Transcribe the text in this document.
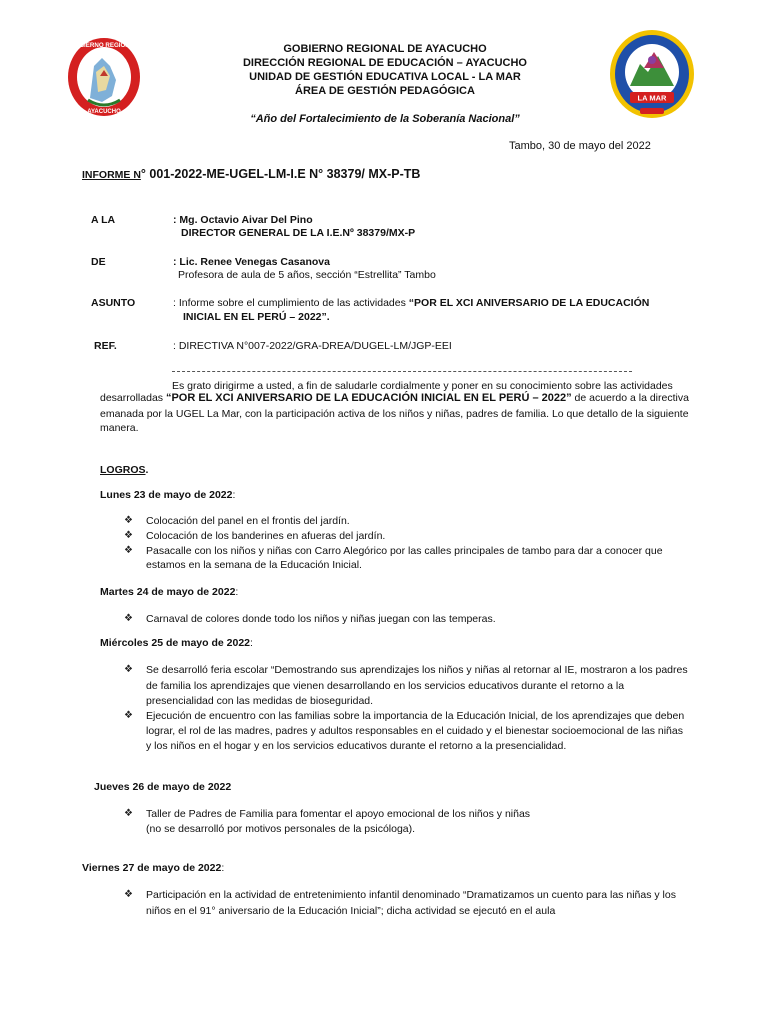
GOBIERNO REGIONAL
AYACUCHO
LA MAR
GOBIERNO REGIONAL DE AYACUCHO
DIRECCIÓN REGIONAL DE EDUCACIÓN – AYACUCHO
UNIDAD DE GESTIÓN EDUCATIVA LOCAL - LA MAR
ÁREA DE GESTIÓN PEDAGÓGICA
“Año del Fortalecimiento de la Soberanía Nacional”
Tambo, 30 de mayo del 2022
INFORME N° 001-2022-ME-UGEL-LM-I.E N° 38379/ MX-P-TB
A LA	: Mg. Octavio Aivar Del Pino
DIRECTOR GENERAL DE LA I.E.Nº 38379/MX-P
DE	: Lic. Renee Venegas Casanova
Profesora de aula de 5 años, sección “Estrellita” Tambo
ASUNTO	: Informe sobre el cumplimiento de las actividades “POR EL XCI ANIVERSARIO DE LA EDUCACIÓN
INICIAL EN EL PERÚ – 2022”.
REF.	: DIRECTIVA N°007-2022/GRA-DREA/DUGEL-LM/JGP-EEI
Es grato dirigirme a usted, a fin de saludarle cordialmente y poner en su conocimiento sobre las actividades
desarrolladas “POR EL XCI ANIVERSARIO DE LA EDUCACIÓN INICIAL EN EL PERÚ – 2022” de acuerdo a la directiva
emanada por la UGEL La Mar, con la participación activa de los niños y niñas, padres de familia. Lo que detallo de la siguiente
manera.
LOGROS.
Lunes 23 de mayo de 2022:
❖ Colocación del panel en el frontis del jardín.
❖ Colocación de los banderines en afueras del jardín.
❖ Pasacalle con los niños y niñas con Carro Alegórico por las calles principales de tambo para dar a conocer que
estamos en la semana de la Educación Inicial.
Martes 24 de mayo de 2022:
❖ Carnaval de colores donde todo los niños y niñas juegan con las temperas.
Miércoles 25 de mayo de 2022:
❖ Se desarrolló feria escolar “Demostrando sus aprendizajes los niños y niñas al retornar al IE, mostraron a los padres
de familia los aprendizajes que vienen desarrollando en los servicios educativos durante el retorno a la
presencialidad con las medidas de bioseguridad.
❖ Ejecución de encuentro con las familias sobre la importancia de la Educación Inicial, de los aprendizajes que deben
lograr, el rol de las madres, padres y adultos responsables en el cuidado y el bienestar socioemocional de las niñas
y los niños en el hogar y en los servicios educativos durante el retorno a la presencialidad.
Jueves 26 de mayo de 2022
❖ Taller de Padres de Familia para fomentar el apoyo emocional de los niños y niñas
(no se desarrolló por motivos personales de la psicóloga).
Viernes 27 de mayo de 2022:
❖ Participación en la actividad de entretenimiento infantil denominado “Dramatizamos un cuento para las niñas y los
niños en el 91° aniversario de la Educación Inicial”; dicha actividad se ejecutó en el aula
